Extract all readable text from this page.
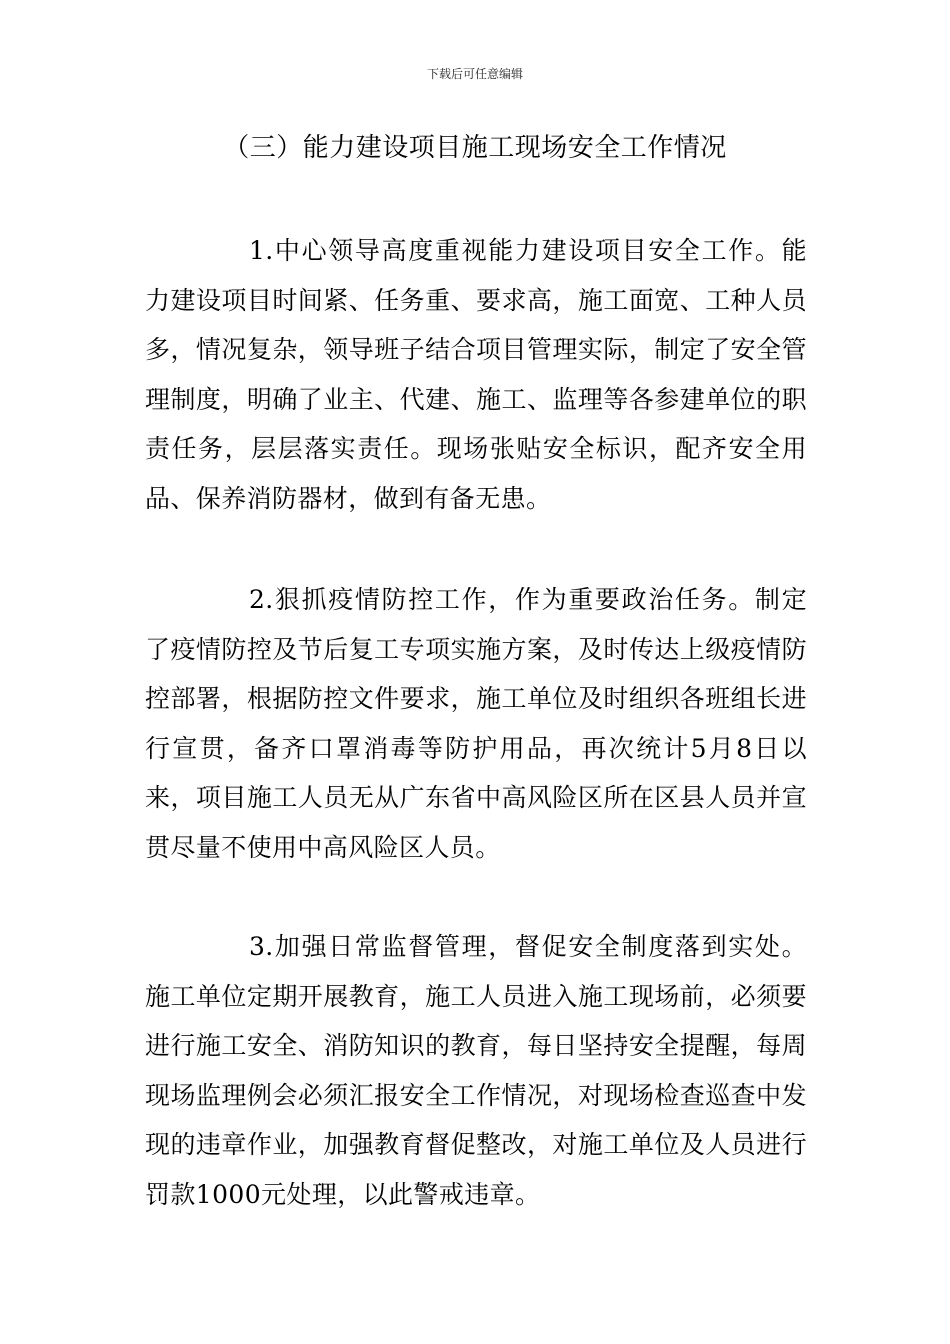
下载后可任意编辑
（三）能力建设项目施工现场安全工作情况

1.中心领导高度重视能力建设项目安全工作。能力建设项目时间紧、任务重、要求高，施工面宽、工种人员多，情况复杂，领导班子结合项目管理实际，制定了安全管理制度，明确了业主、代建、施工、监理等各参建单位的职责任务，层层落实责任。现场张贴安全标识，配齐安全用品、保养消防器材，做到有备无患。

2.狠抓疫情防控工作，作为重要政治任务。制定了疫情防控及节后复工专项实施方案，及时传达上级疫情防控部署，根据防控文件要求，施工单位及时组织各班组长进行宣贯，备齐口罩消毒等防护用品，再次统计5月8日以来，项目施工人员无从广东省中高风险区所在区县人员并宣贯尽量不使用中高风险区人员。

3.加强日常监督管理，督促安全制度落到实处。施工单位定期开展教育，施工人员进入施工现场前，必须要进行施工安全、消防知识的教育，每日坚持安全提醒，每周现场监理例会必须汇报安全工作情况，对现场检查巡查中发现的违章作业，加强教育督促整改，对施工单位及人员进行罚款1000元处理，以此警戒违章。
